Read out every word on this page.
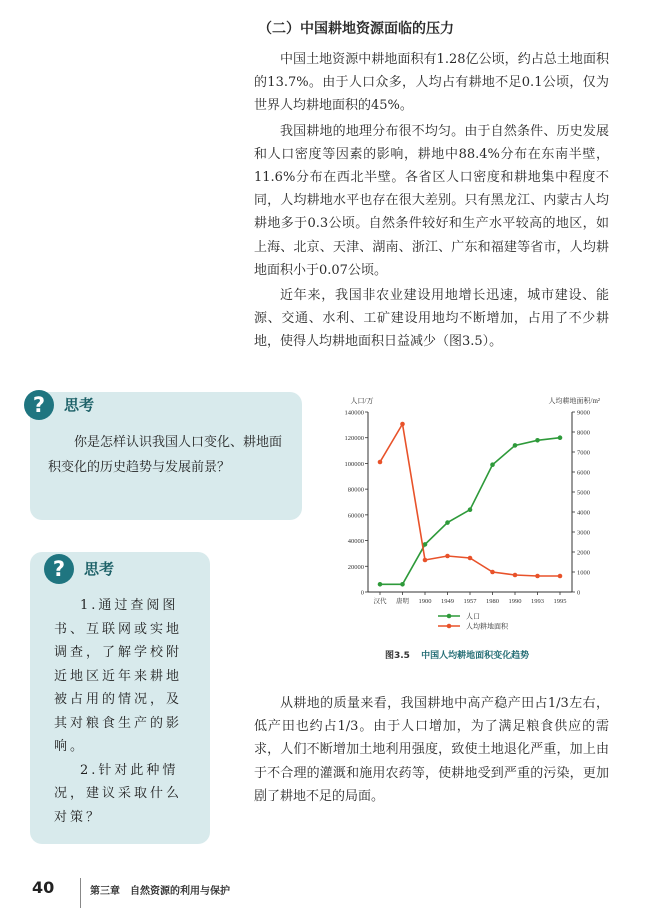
（二）中国耕地资源面临的压力

中国土地资源中耕地面积有1.28亿公顷，约占总土地面积的13.7%。由于人口众多，人均占有耕地不足0.1公顷，仅为世界人均耕地面积的45%。

我国耕地的地理分布很不均匀。由于自然条件、历史发展和人口密度等因素的影响，耕地中88.4%分布在东南半壁，11.6%分布在西北半壁。各省区人口密度和耕地集中程度不同，人均耕地水平也存在很大差别。只有黑龙江、内蒙古人均耕地多于0.3公顷。自然条件较好和生产水平较高的地区，如上海、北京、天津、湖南、浙江、广东和福建等省市，人均耕地面积小于0.07公顷。

近年来，我国非农业建设用地增长迅速，城市建设、能源、交通、水利、工矿建设用地均不断增加，占用了不少耕地，使得人均耕地面积日益减少（图3.5）。

?	思考
你是怎样认识我国人口变化、耕地面积变化的历史趋势与发展前景？
?	思考

1.通过查阅图书、互联网或实地调查，了解学校附近地区近年来耕地被占用的情况，及其对粮食生产的影响。

2.针对此种情况，建议采取什么对策？

人口/万	人均耕地面积/m²
0
20000
40000
60000
80000
100000
120000
140000
0
1000
2000
3000
4000
5000
6000
7000
8000
9000
汉代 唐明 1900 1949 1957 1980 1990 1993 1995
人口
人均耕地面积
图3.5 中国人均耕地面积变化趋势

从耕地的质量来看，我国耕地中高产稳产田占1/3左右，低产田也约占1/3。由于人口增加，为了满足粮食供应的需求，人们不断增加土地利用强度，致使土地退化严重，加上由于不合理的灌溉和施用农药等，使耕地受到严重的污染，更加剧了耕地不足的局面。

40	第三章 自然资源的利用与保护
